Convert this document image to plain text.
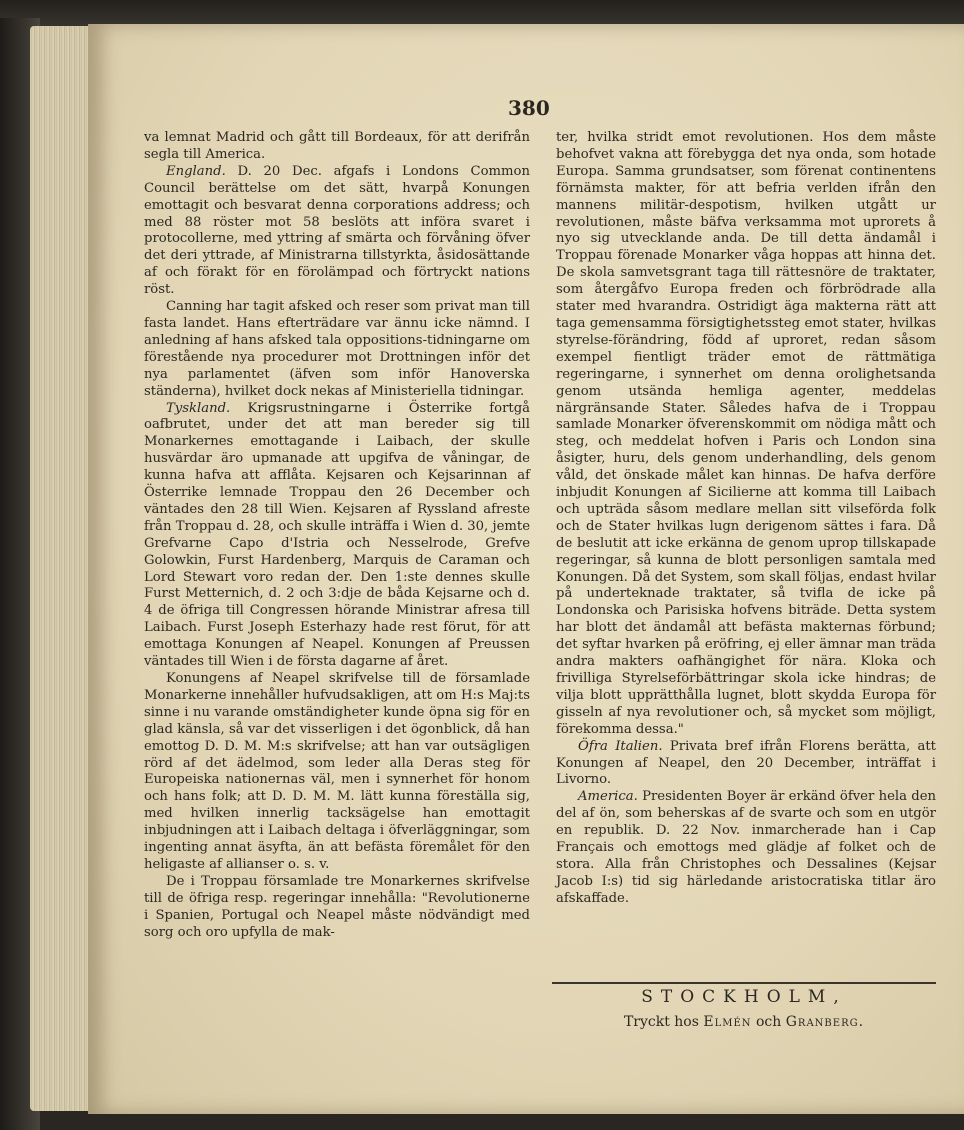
380

va lemnat Madrid och gått till Bordeaux, för att derifrån segla till America.

England. D. 20 Dec. afgafs i Londons Common Council berättelse om det sätt, hvarpå Konungen emottagit och besvarat denna corporations address; och med 88 röster mot 58 beslöts att införa svaret i protocollerne, med yttring af smärta och förvåning öfver det deri yttrade, af Ministrarna tillstyrkta, åsidosättande af och förakt för en förolämpad och förtryckt nations röst.

Canning har tagit afsked och reser som privat man till fasta landet. Hans efterträdare var ännu icke nämnd. I anledning af hans afsked tala oppositions-tidningarne om förestående nya procedurer mot Drottningen inför det nya parlamentet (äfven som inför Hanoverska ständerna), hvilket dock nekas af Ministeriella tidningar.

Tyskland. Krigsrustningarne i Österrike fortgå oafbrutet, under det att man bereder sig till Monarkernes emottagande i Laibach, der skulle husvärdar äro upmanade att upgifva de våningar, de kunna hafva att afflåta. Kejsaren och Kejsarinnan af Österrike lemnade Troppau den 26 December och väntades den 28 till Wien. Kejsaren af Ryssland afreste från Troppau d. 28, och skulle inträffa i Wien d. 30, jemte Grefvarne Capo d'Istria och Nesselrode, Grefve Golowkin, Furst Hardenberg, Marquis de Caraman och Lord Stewart voro redan der. Den 1:ste dennes skulle Furst Metternich, d. 2 och 3:dje de båda Kejsarne och d. 4 de öfriga till Congressen hörande Ministrar afresa till Laibach. Furst Joseph Esterhazy hade rest förut, för att emottaga Konungen af Neapel. Konungen af Preussen väntades till Wien i de första dagarne af året.

Konungens af Neapel skrifvelse till de församlade Monarkerne innehåller hufvudsakligen, att om H:s Maj:ts sinne i nu varande omständigheter kunde öpna sig för en glad känsla, så var det visserligen i det ögonblick, då han emottog D. D. M. M:s skrifvelse; att han var outsägligen rörd af det ädelmod, som leder alla Deras steg för Europeiska nationernas väl, men i synnerhet för honom och hans folk; att D. D. M. M. lätt kunna föreställa sig, med hvilken innerlig tacksägelse han emottagit inbjudningen att i Laibach deltaga i öfverläggningar, som ingenting annat äsyfta, än att befästa föremålet för den heligaste af allianser o. s. v.

De i Troppau församlade tre Monarkernes skrifvelse till de öfriga resp. regeringar innehålla: "Revolutionerne i Spanien, Portugal och Neapel måste nödvändigt med sorg och oro upfylla de mak-

ter, hvilka stridt emot revolutionen. Hos dem måste behofvet vakna att förebygga det nya onda, som hotade Europa. Samma grundsatser, som förenat continentens förnämsta makter, för att befria verlden ifrån den mannens militär-despotism, hvilken utgått ur revolutionen, måste bäfva verksamma mot uprorets å nyo sig utvecklande anda. De till detta ändamål i Troppau förenade Monarker våga hoppas att hinna det. De skola samvetsgrant taga till rättesnöre de traktater, som återgåfvo Europa freden och förbrödrade alla stater med hvarandra. Ostridigt äga makterna rätt att taga gemensamma försigtighetssteg emot stater, hvilkas styrelse-förändring, född af uproret, redan såsom exempel fientligt träder emot de rättmätiga regeringarne, i synnerhet om denna orolighetsanda genom utsända hemliga agenter, meddelas närgränsande Stater. Således hafva de i Troppau samlade Monarker öfverenskommit om nödiga mått och steg, och meddelat hofven i Paris och London sina åsigter, huru, dels genom underhandling, dels genom våld, det önskade målet kan hinnas. De hafva derföre inbjudit Konungen af Sicilierne att komma till Laibach och upträda såsom medlare mellan sitt vilseförda folk och de Stater hvilkas lugn derigenom sättes i fara. Då de beslutit att icke erkänna de genom uprор tillskapade regeringar, så kunna de blott personligen samtala med Konungen. Då det System, som skall följas, endast hvilar på underteknade traktater, så tvifla de icke på Londonska och Parisiska hofvens biträde. Detta system har blott det ändamål att befästa makternas förbund; det syftar hvarken på eröfring, ej eller ämnar man träda andra makters oafhängighet för nära. Kloka och frivilliga Styrelseförbättringar skola icke hindras; de vilja blott upprätthålla lugnet, blott skydda Europa för gisseln af nya revolutioner och, så mycket som möjligt, förekomma dessa."

Öfra Italien. Privata bref ifrån Florens berätta, att Konungen af Neapel, den 20 December, inträffat i Livorno.

America. Presidenten Boyer är erkänd öfver hela den del af ön, som beherskas af de svarte och som en utgör en republik. D. 22 Nov. inmarcherade han i Cap Français och emottogs med glädje af folket och de stora. Alla från Christophes och Dessalines (Kejsar Jacob I:s) tid sig härledande aristocratiska titlar äro afskaffade.

STOCKHOLM,
Tryckt hos Elmén och Granberg.
